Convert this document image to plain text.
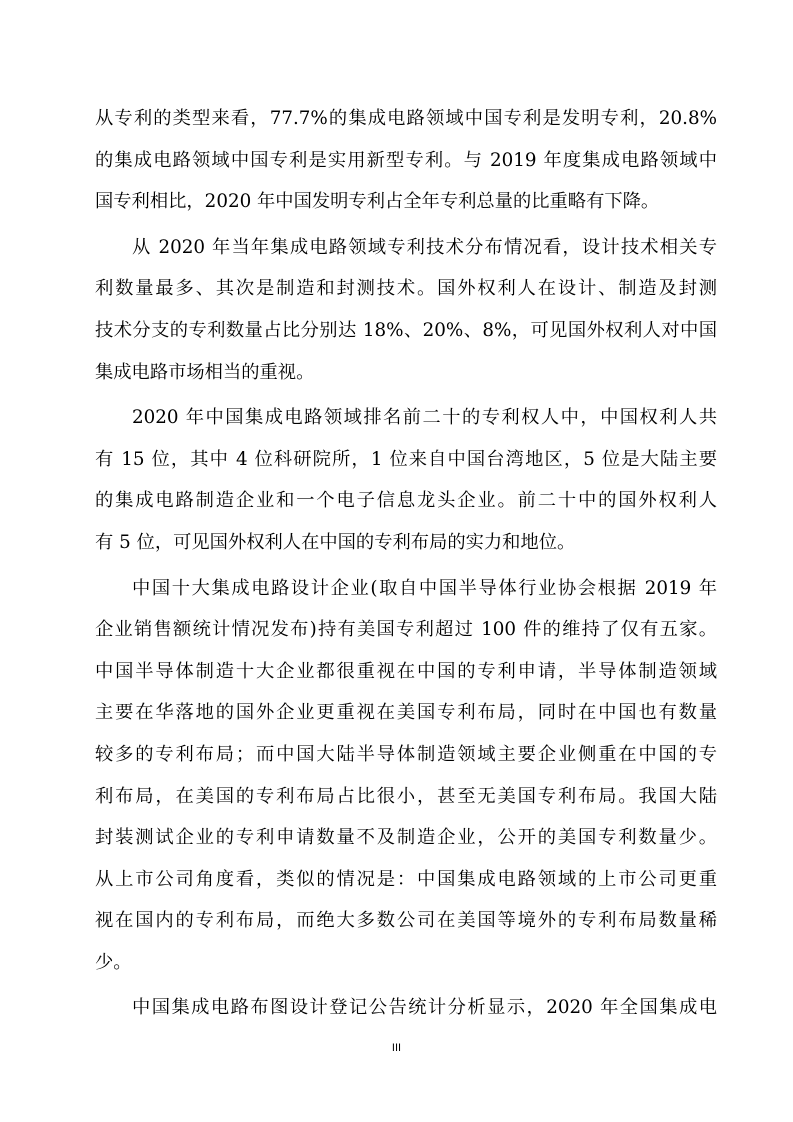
从专利的类型来看，77.7%的集成电路领域中国专利是发明专利，20.8%
的集成电路领域中国专利是实用新型专利。与 2019 年度集成电路领域中
国专利相比，2020 年中国发明专利占全年专利总量的比重略有下降。
从 2020 年当年集成电路领域专利技术分布情况看，设计技术相关专
利数量最多、其次是制造和封测技术。国外权利人在设计、制造及封测
技术分支的专利数量占比分别达 18%、20%、8%，可见国外权利人对中国
集成电路市场相当的重视。
2020 年中国集成电路领域排名前二十的专利权人中，中国权利人共
有 15 位，其中 4 位科研院所，1 位来自中国台湾地区，5 位是大陆主要
的集成电路制造企业和一个电子信息龙头企业。前二十中的国外权利人
有 5 位，可见国外权利人在中国的专利布局的实力和地位。
中国十大集成电路设计企业(取自中国半导体行业协会根据 2019 年
企业销售额统计情况发布)持有美国专利超过 100 件的维持了仅有五家。
中国半导体制造十大企业都很重视在中国的专利申请，半导体制造领域
主要在华落地的国外企业更重视在美国专利布局，同时在中国也有数量
较多的专利布局；而中国大陆半导体制造领域主要企业侧重在中国的专
利布局，在美国的专利布局占比很小，甚至无美国专利布局。我国大陆
封装测试企业的专利申请数量不及制造企业，公开的美国专利数量少。
从上市公司角度看，类似的情况是：中国集成电路领域的上市公司更重
视在国内的专利布局，而绝大多数公司在美国等境外的专利布局数量稀
少。
中国集成电路布图设计登记公告统计分析显示，2020 年全国集成电
III
